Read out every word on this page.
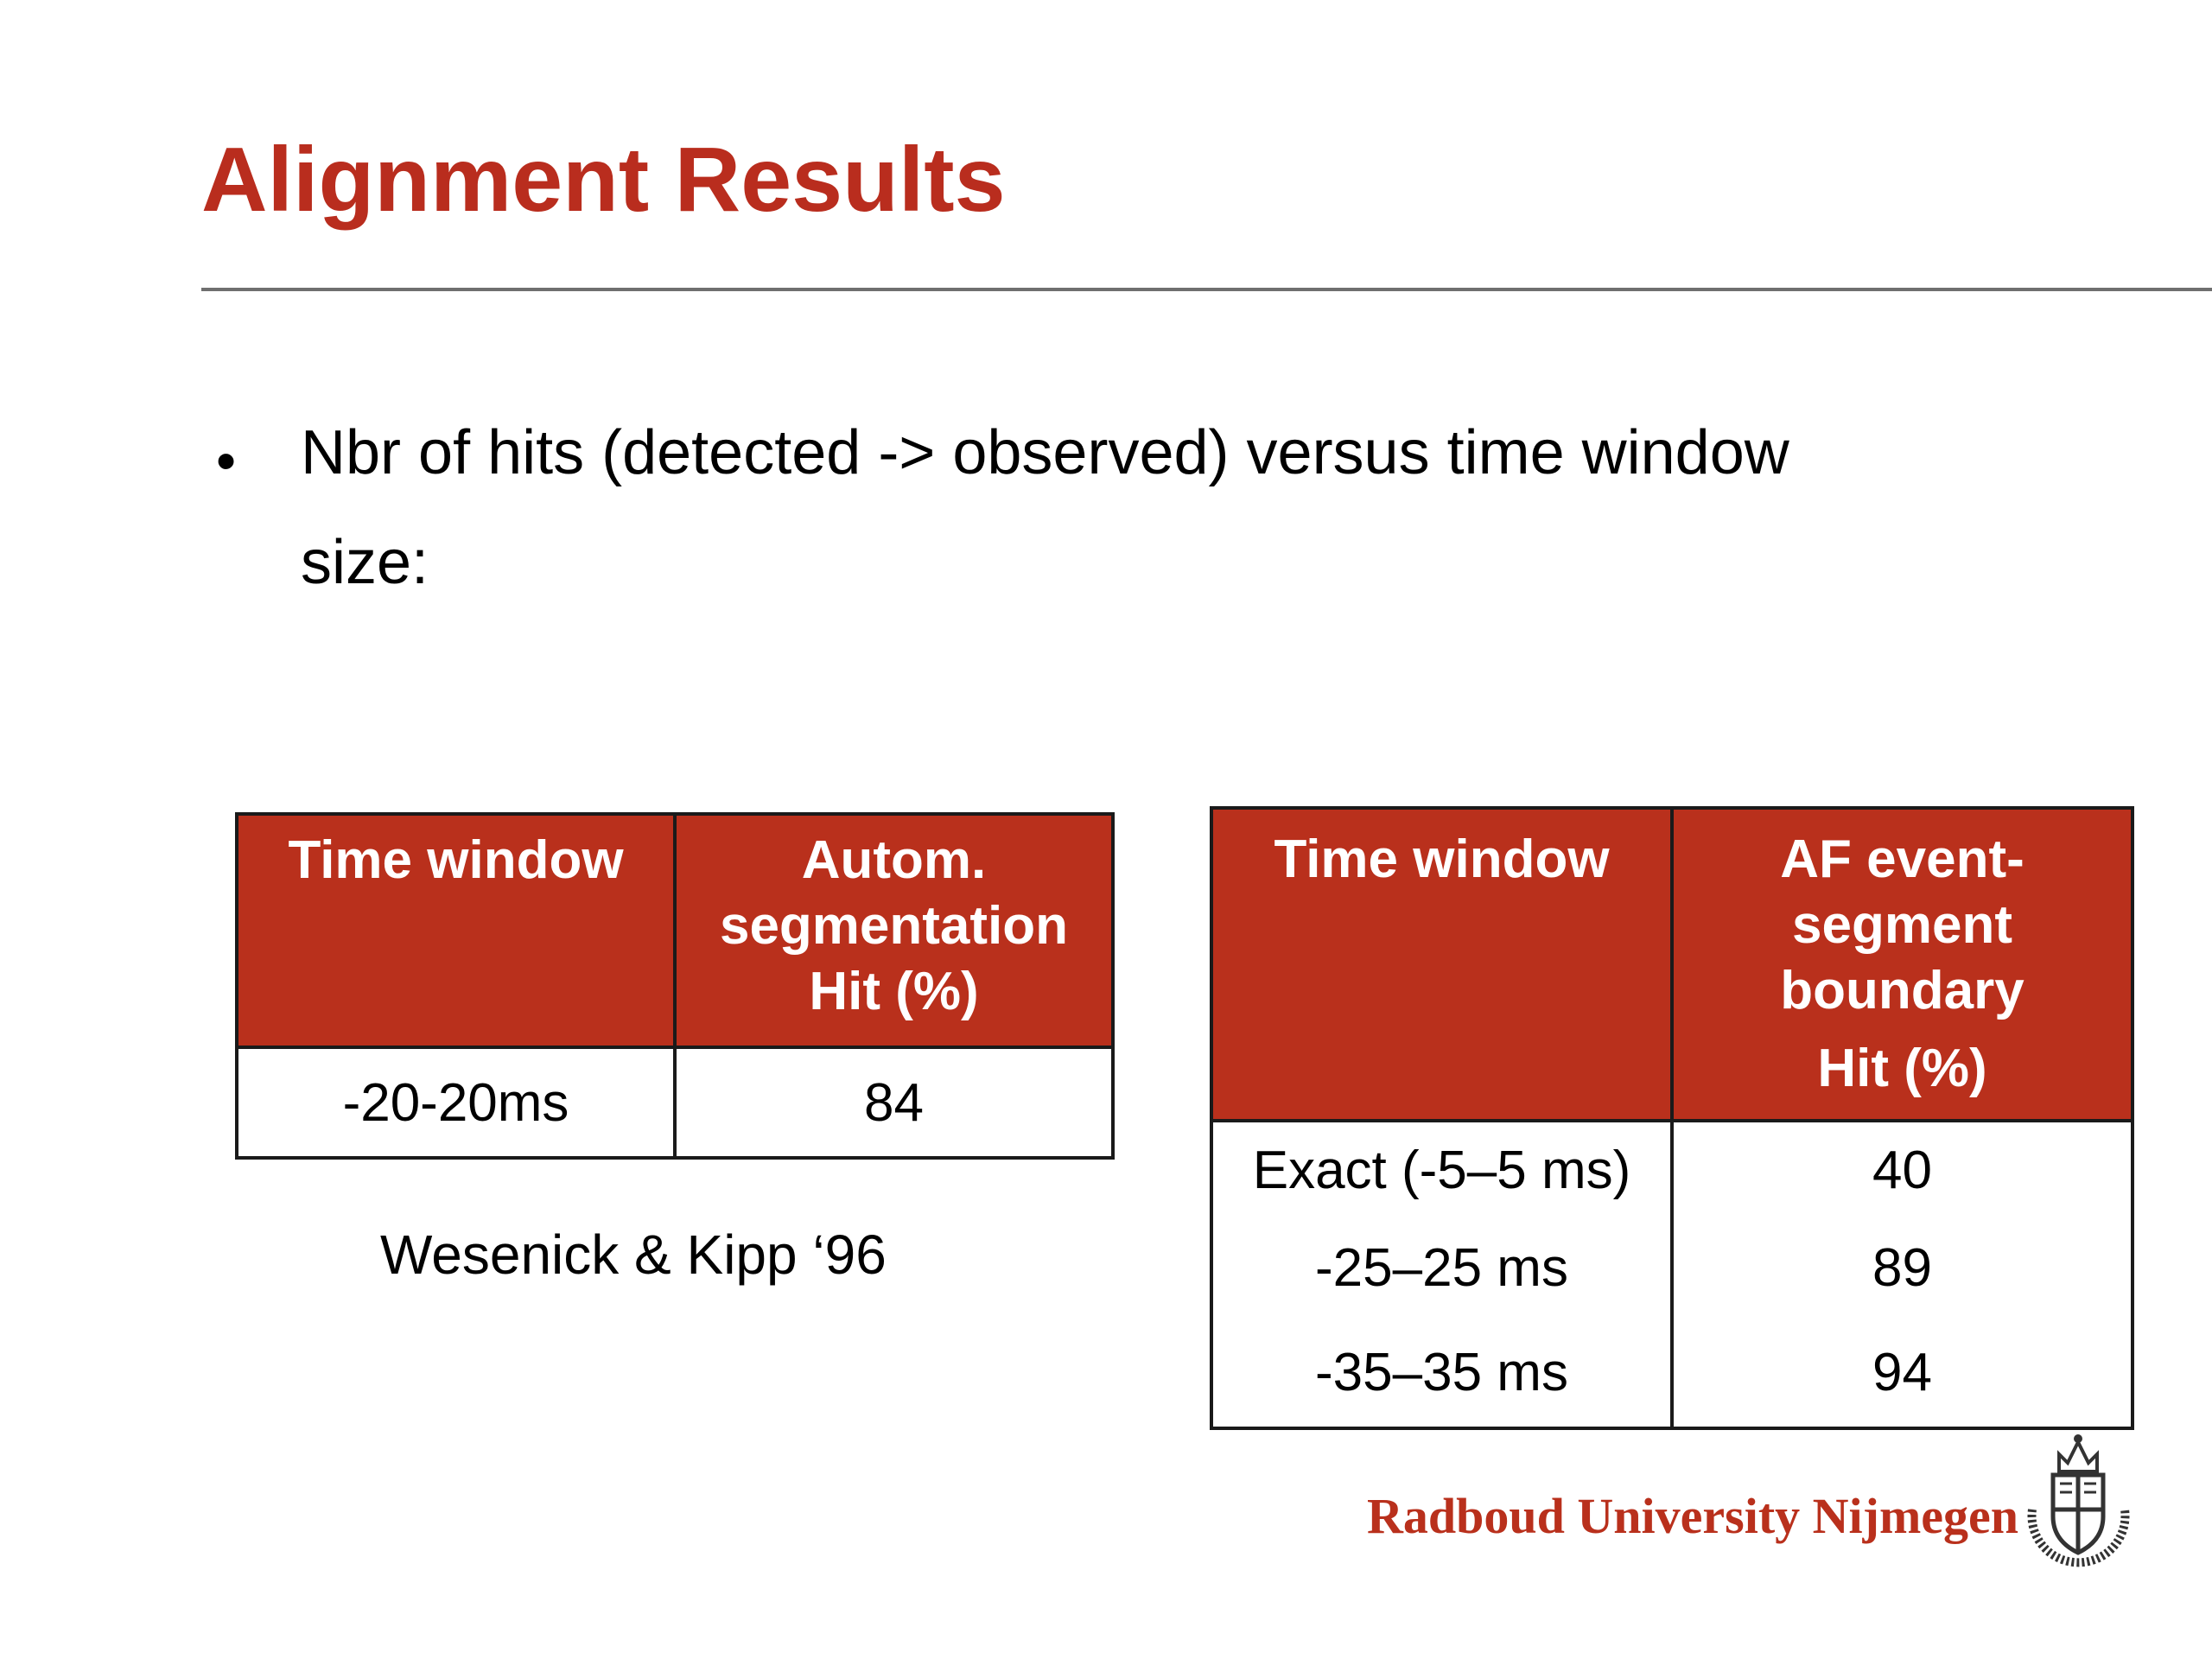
Alignment Results
• Nbr of hits (detected -> observed) versus time window
size:
Time window	Autom.
segmentation
Hit (%)
-20-20ms	84
Wesenick & Kipp ‘96
Time window	AF event-
segment
boundary
Hit (%)

Exact (-5–5 ms)	40
-25–25 ms	89
-35–35 ms	94
Radboud University Nijmegen
